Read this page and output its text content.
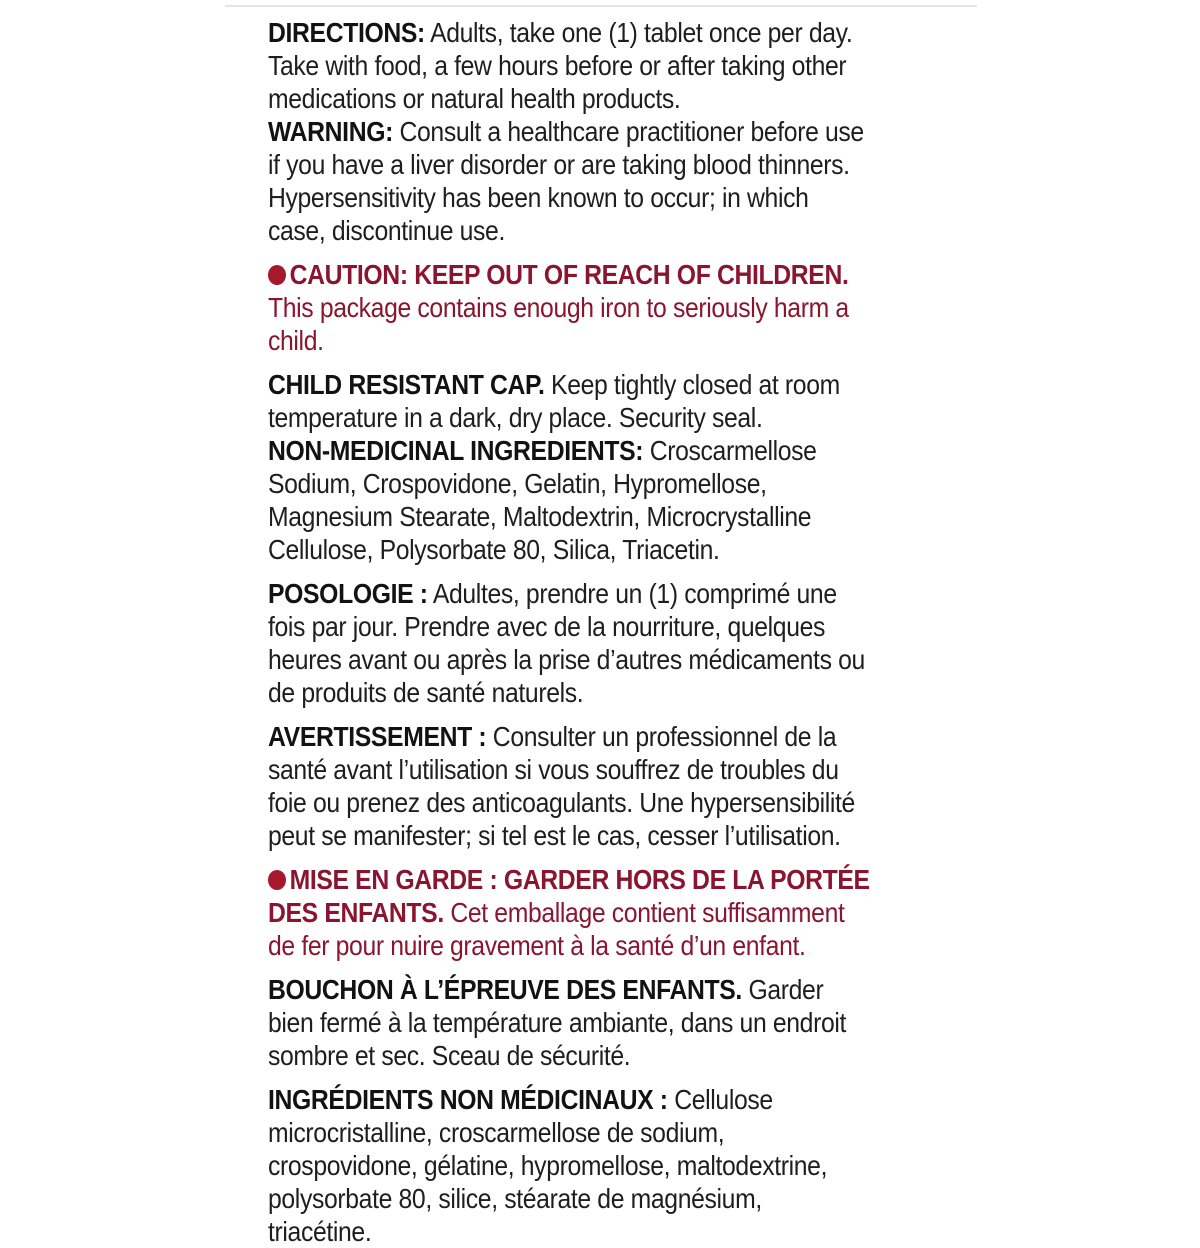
DIRECTIONS: Adults, take one (1) tablet once per day. Take with food, a few hours before or after taking other medications or natural health products.

WARNING: Consult a healthcare practitioner before use if you have a liver disorder or are taking blood thinners. Hypersensitivity has been known to occur; in which case, discontinue use.

CAUTION: KEEP OUT OF REACH OF CHILDREN. This package contains enough iron to seriously harm a child.

CHILD RESISTANT CAP. Keep tightly closed at room temperature in a dark, dry place. Security seal.

NON-MEDICINAL INGREDIENTS: Croscarmellose Sodium, Crospovidone, Gelatin, Hypromellose, Magnesium Stearate, Maltodextrin, Microcrystalline Cellulose, Polysorbate 80, Silica, Triacetin.

POSOLOGIE : Adultes, prendre un (1) comprimé une fois par jour. Prendre avec de la nourriture, quelques heures avant ou après la prise d’autres médicaments ou de produits de santé naturels.

AVERTISSEMENT : Consulter un professionnel de la santé avant l’utilisation si vous souffrez de troubles du foie ou prenez des anticoagulants. Une hypersensibilité peut se manifester; si tel est le cas, cesser l’utilisation.

MISE EN GARDE : GARDER HORS DE LA PORTÉE DES ENFANTS. Cet emballage contient suffisamment de fer pour nuire gravement à la santé d’un enfant.

BOUCHON À L’ÉPREUVE DES ENFANTS. Garder bien fermé à la température ambiante, dans un endroit sombre et sec. Sceau de sécurité.

INGRÉDIENTS NON MÉDICINAUX : Cellulose microcristalline, croscarmellose de sodium, crospovidone, gélatine, hypromellose, maltodextrine, polysorbate 80, silice, stéarate de magnésium, triacétine.
